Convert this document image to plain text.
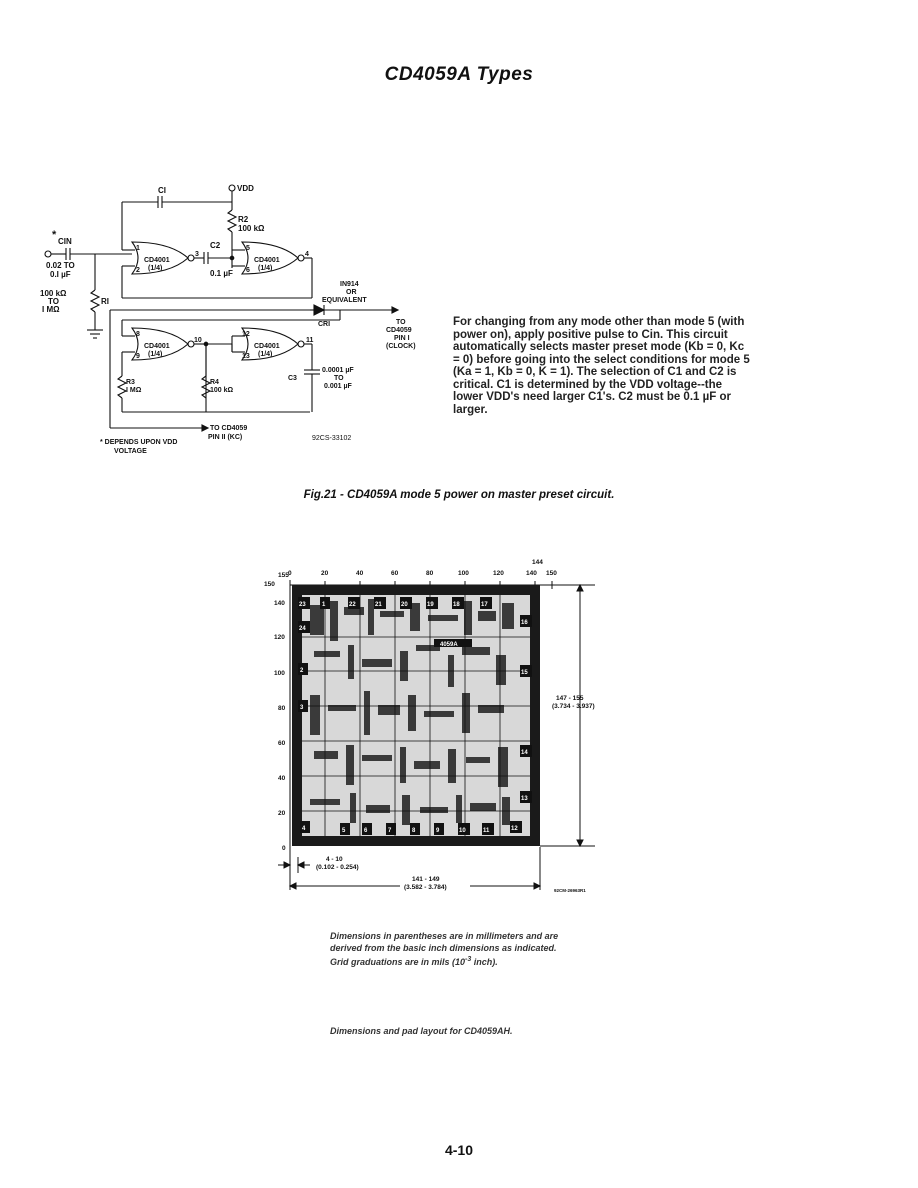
CD4059A Types
CI	VDD
R2
100 kΩ
C2
0.1 µF
*
CIN
0.02 TO
0.I µF
100 kΩ
TO
I MΩ
RI
CD4001
(1/4)
CD4001
(1/4)
CD4001
(1/4)
CD4001
(1/4)
1
2
3
5
6
4
8
9
10
12
13
11
IN914
OR
EQUIVALENT
CRI	TO
CD4059
PIN I
(CLOCK)
R3
I MΩ
R4
100 kΩ
C3
0.0001 µF
TO
0.001 µF
TO CD4059
PIN II (KC)
* DEPENDS UPON VDD
VOLTAGE
92CS-33102
For changing from any mode other than mode 5 (with power on), apply positive pulse to Cin. This circuit automatically selects master preset mode (Kb = 0, Kc = 0) before going into the select conditions for mode 5 (Ka = 1, Kb = 0, K = 1). The selection of C1 and C2 is critical. C1 is determined by the VDD voltage--the lower VDD's need larger C1's. C2 must be 0.1 µF or larger.
Fig.21 - CD4059A mode 5 power on master preset circuit.
0	20	40	60	80	100	120	140 150
144
155
150
140
120
100
80
60
40
20
0
147 - 155
(3.734 - 3.937)
4 - 10
(0.102 - 0.254)
141 - 149
(3.582 - 3.784)	92CM-26963R1
4059A
23	1
2
3
4	5	6	7	8	9	10	11	12
24
22	21	20	19	18	17
16
15
14
13
Dimensions in parentheses are in millimeters and are
derived from the basic inch dimensions as indicated.
Grid graduations are in mils ($10^{-3}$ inch).
Dimensions and pad layout for CD4059AH.
4-10
